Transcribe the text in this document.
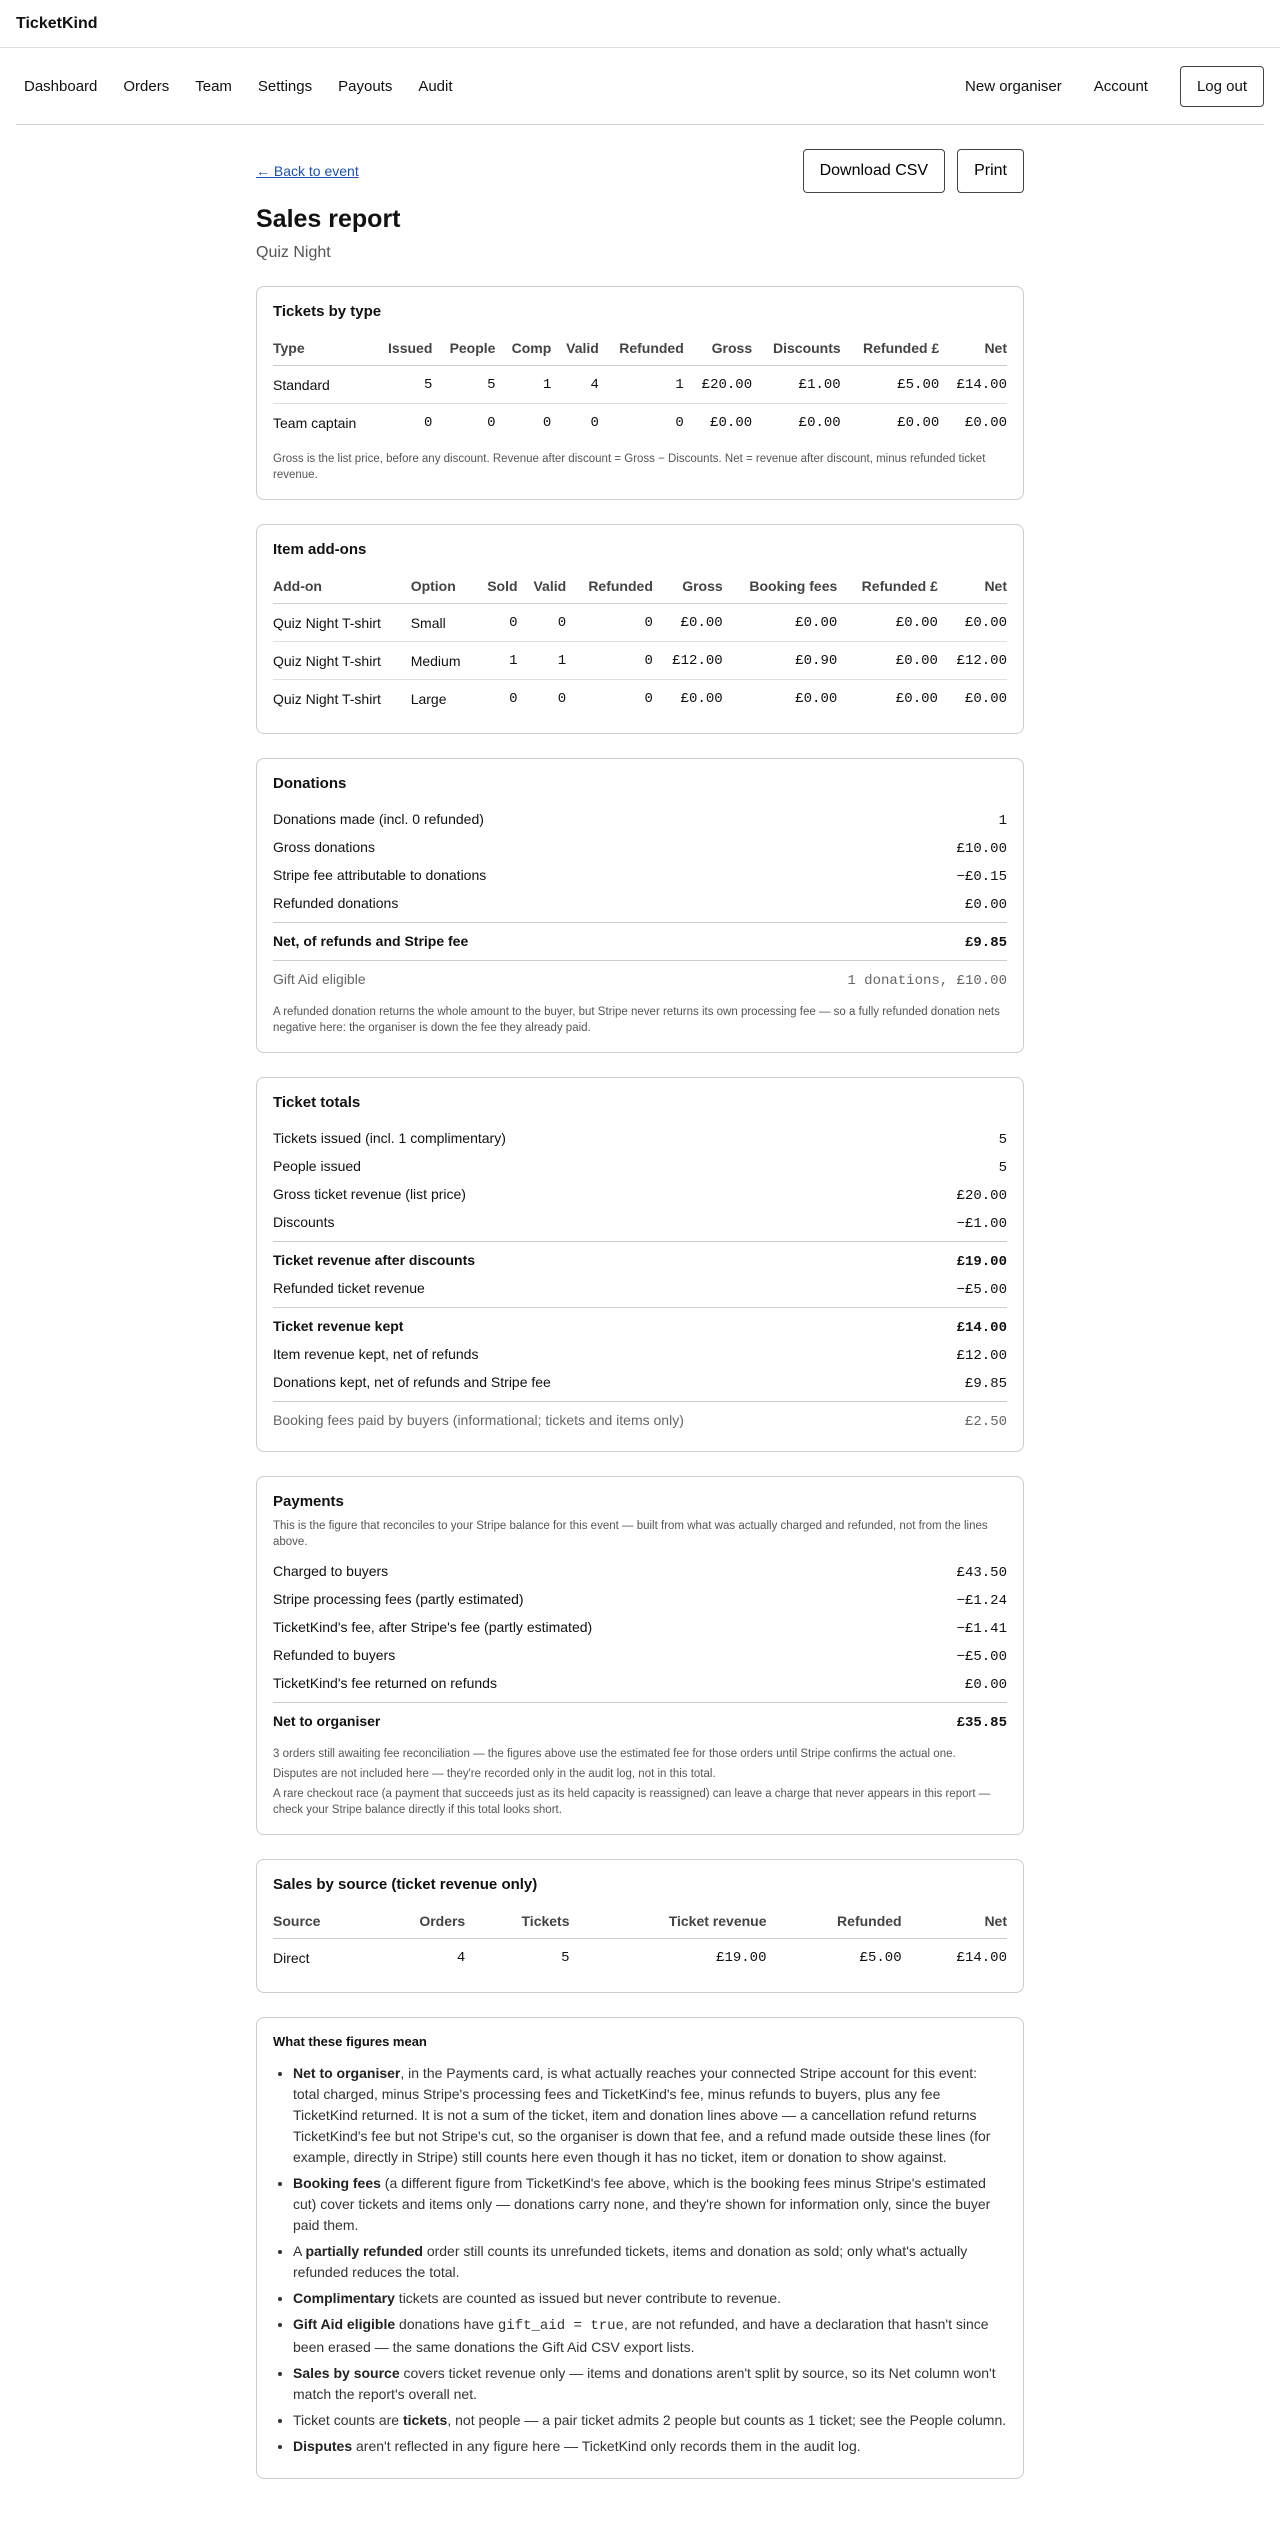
TicketKind
Dashboard Orders Team Settings Payouts Audit	New organiser Account	Log out
← Back to event	Download CSV	Print
Sales report
Quiz Night
Tickets by type
Type	Issued	People	Comp	Valid	Refunded	Gross	Discounts	Refunded £	Net
Standard	5	5	1	4	1	£20.00	£1.00	£5.00	£14.00
Team captain	0	0	0	0	0	£0.00	£0.00	£0.00	£0.00

Gross is the list price, before any discount. Revenue after discount = Gross − Discounts. Net = revenue after discount, minus refunded ticket revenue.

Item add-ons
Add-on	Option	Sold	Valid	Refunded	Gross	Booking fees	Refunded £	Net
Quiz Night T-shirt	Small	0	0	0	£0.00	£0.00	£0.00	£0.00
Quiz Night T-shirt	Medium	1	1	0	£12.00	£0.90	£0.00	£12.00
Quiz Night T-shirt	Large	0	0	0	£0.00	£0.00	£0.00	£0.00
Donations
Donations made (incl. 0 refunded)	1
Gross donations	£10.00
Stripe fee attributable to donations	−£0.15
Refunded donations	£0.00
Net, of refunds and Stripe fee	£9.85
Gift Aid eligible	1 donations, £10.00

A refunded donation returns the whole amount to the buyer, but Stripe never returns its own processing fee — so a fully refunded donation nets negative here: the organiser is down the fee they already paid.

Ticket totals
Tickets issued (incl. 1 complimentary)	5
People issued	5
Gross ticket revenue (list price)	£20.00
Discounts	−£1.00
Ticket revenue after discounts	£19.00
Refunded ticket revenue	−£5.00
Ticket revenue kept	£14.00
Item revenue kept, net of refunds	£12.00
Donations kept, net of refunds and Stripe fee	£9.85
Booking fees paid by buyers (informational; tickets and items only)	£2.50
Payments

This is the figure that reconciles to your Stripe balance for this event — built from what was actually charged and refunded, not from the lines above.

Charged to buyers	£43.50
Stripe processing fees (partly estimated)	−£1.24
TicketKind's fee, after Stripe's fee (partly estimated)	−£1.41
Refunded to buyers	−£5.00
TicketKind's fee returned on refunds	£0.00
Net to organiser	£35.85

3 orders still awaiting fee reconciliation — the figures above use the estimated fee for those orders until Stripe confirms the actual one.

Disputes are not included here — they're recorded only in the audit log, not in this total.

A rare checkout race (a payment that succeeds just as its held capacity is reassigned) can leave a charge that never appears in this report — check your Stripe balance directly if this total looks short.

Sales by source (ticket revenue only)
Source	Orders	Tickets	Ticket revenue	Refunded	Net
Direct	4	5	£19.00	£5.00	£14.00
What these figures mean
• Net to organiser, in the Payments card, is what actually reaches your connected Stripe account for this event: total charged, minus Stripe's processing fees and TicketKind's fee, minus refunds to buyers, plus any fee TicketKind returned. It is not a sum of the ticket, item and donation lines above — a cancellation refund returns TicketKind's fee but not Stripe's cut, so the organiser is down that fee, and a refund made outside these lines (for example, directly in Stripe) still counts here even though it has no ticket, item or donation to show against.
• Booking fees (a different figure from TicketKind's fee above, which is the booking fees minus Stripe's estimated cut) cover tickets and items only — donations carry none, and they're shown for information only, since the buyer paid them.
• A partially refunded order still counts its unrefunded tickets, items and donation as sold; only what's actually refunded reduces the total.
• Complimentary tickets are counted as issued but never contribute to revenue.
• Gift Aid eligible donations have gift_aid = true, are not refunded, and have a declaration that hasn't since been erased — the same donations the Gift Aid CSV export lists.
• Sales by source covers ticket revenue only — items and donations aren't split by source, so its Net column won't match the report's overall net.
• Ticket counts are tickets, not people — a pair ticket admits 2 people but counts as 1 ticket; see the People column.
• Disputes aren't reflected in any figure here — TicketKind only records them in the audit log.
